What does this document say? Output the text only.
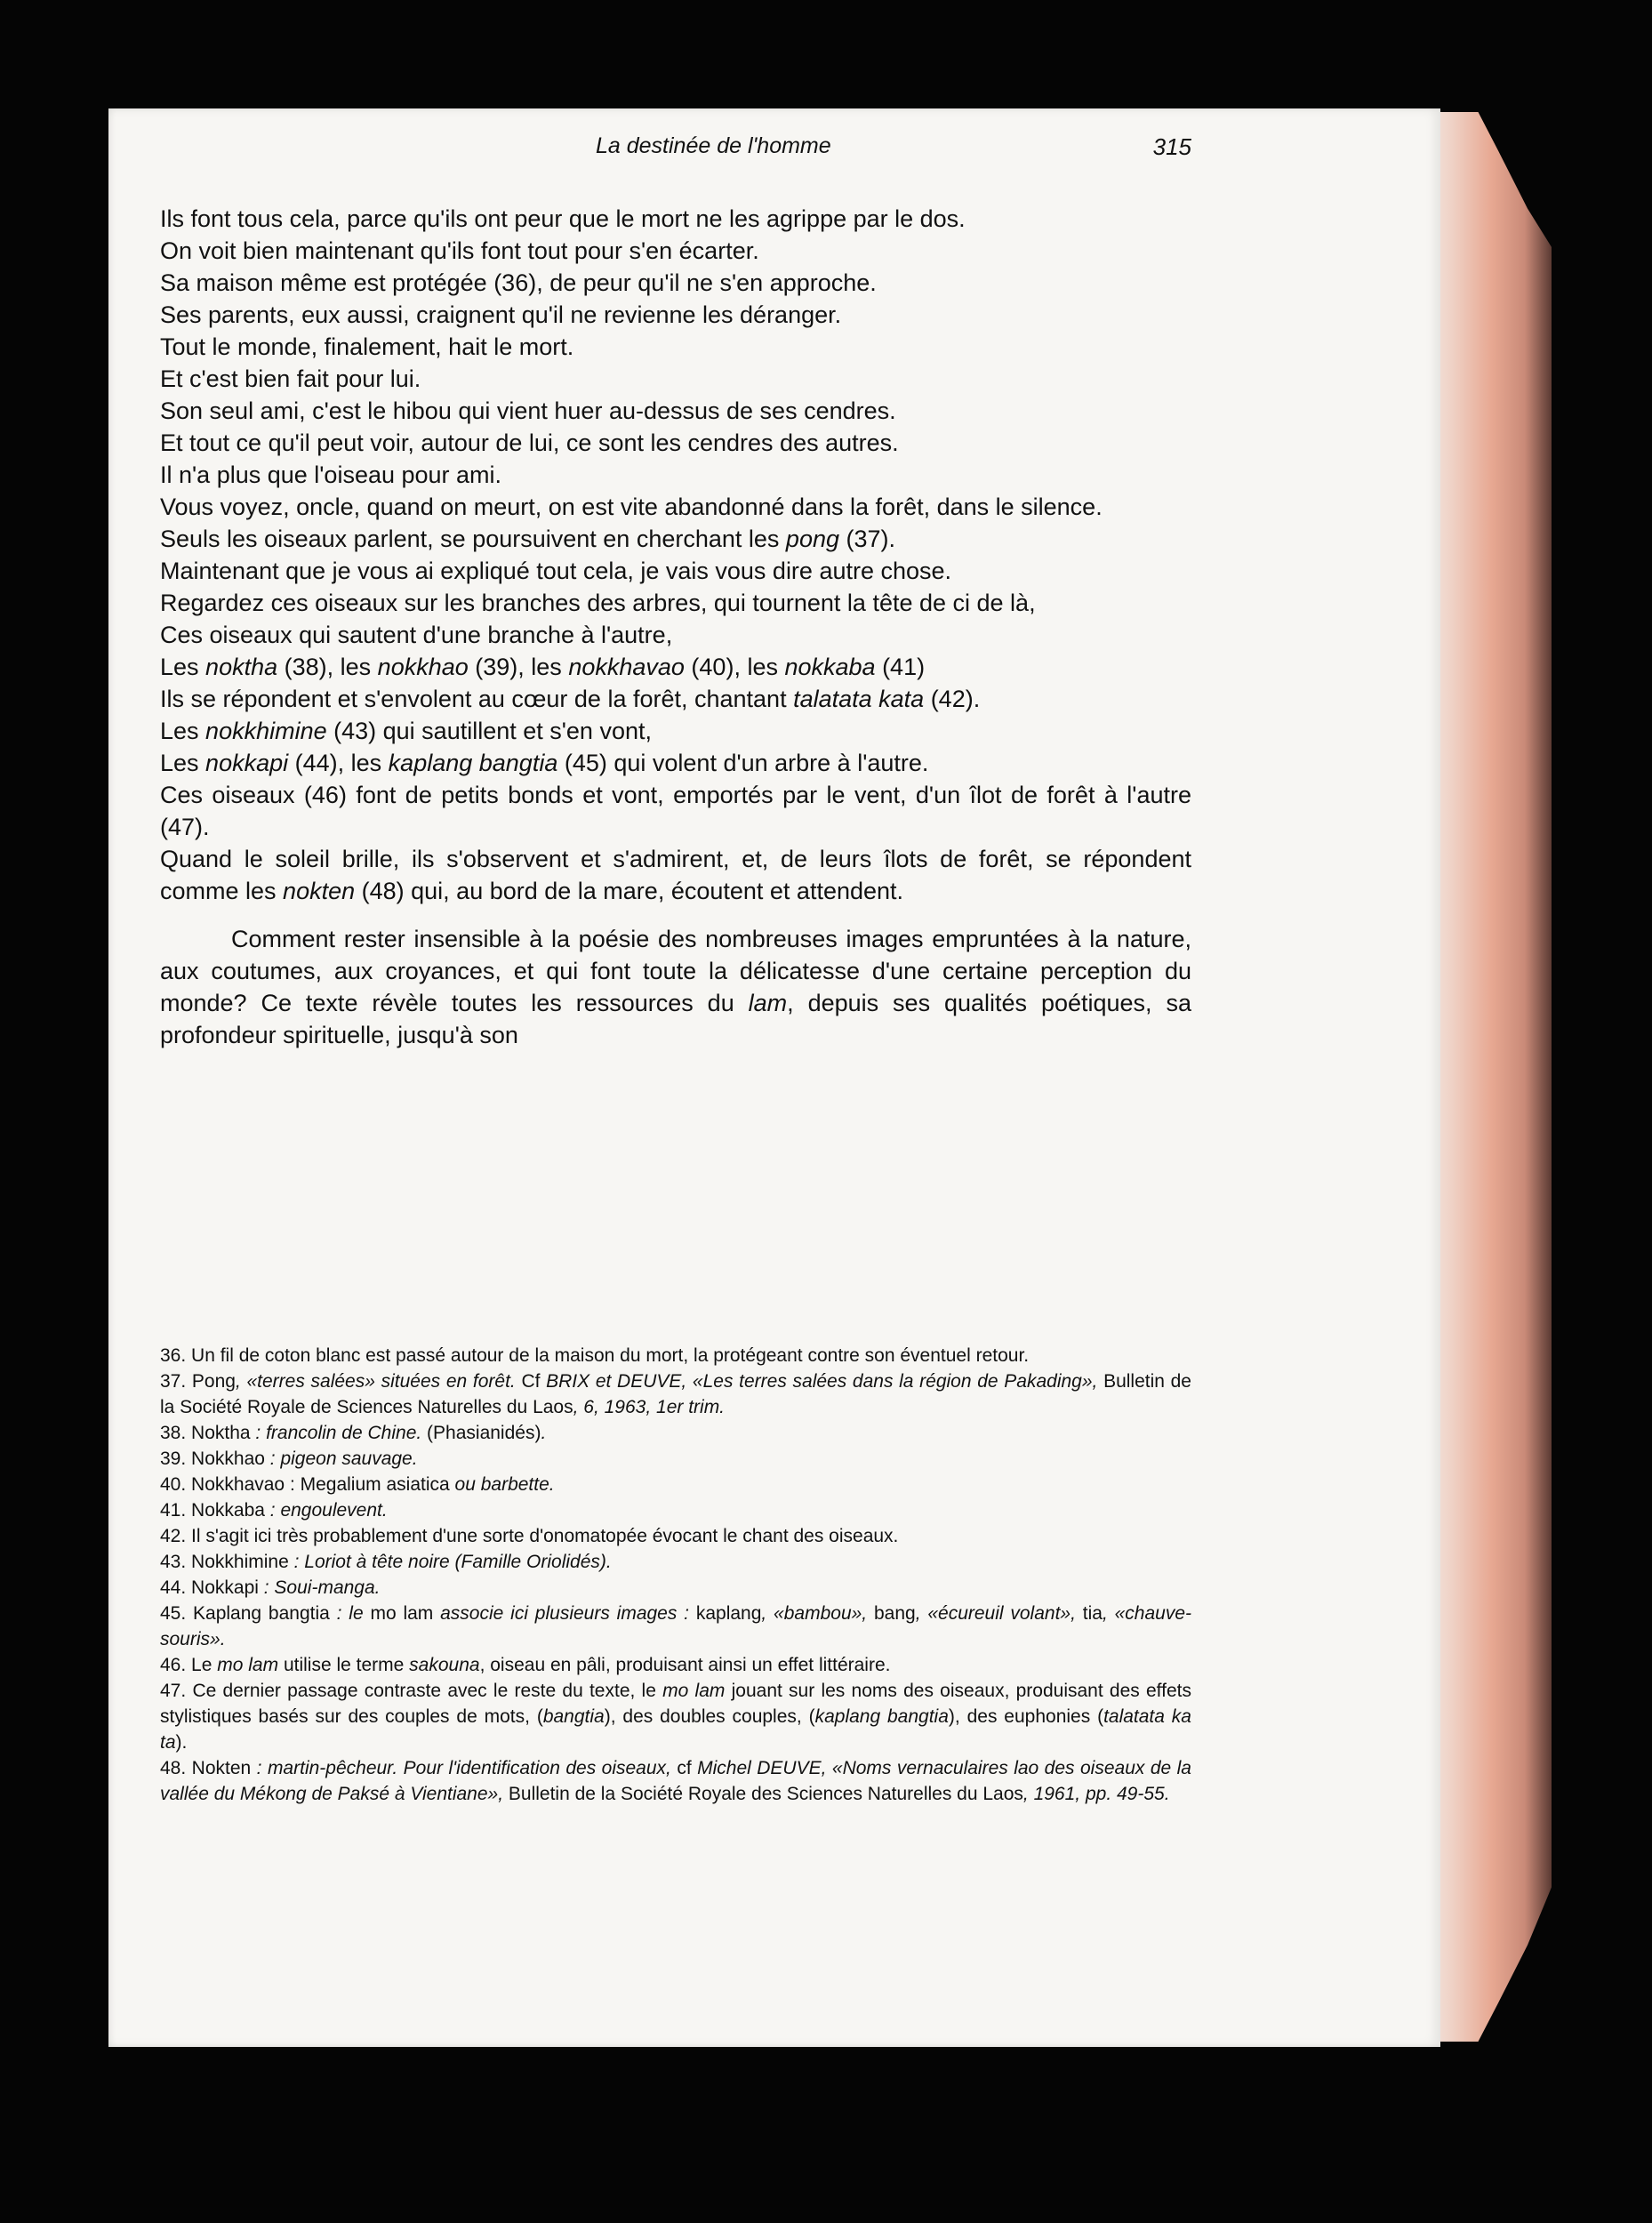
La destinée de l'homme	315
Ils font tous cela, parce qu'ils ont peur que le mort ne les agrippe par le dos.
On voit bien maintenant qu'ils font tout pour s'en écarter.
Sa maison même est protégée (36), de peur qu'il ne s'en approche.
Ses parents, eux aussi, craignent qu'il ne revienne les déranger.
Tout le monde, finalement, hait le mort.
Et c'est bien fait pour lui.
Son seul ami, c'est le hibou qui vient huer au-dessus de ses cendres.
Et tout ce qu'il peut voir, autour de lui, ce sont les cendres des autres.
Il n'a plus que l'oiseau pour ami.
Vous voyez, oncle, quand on meurt, on est vite abandonné dans la forêt, dans le silence.
Seuls les oiseaux parlent, se poursuivent en cherchant les pong (37).
Maintenant que je vous ai expliqué tout cela, je vais vous dire autre chose.
Regardez ces oiseaux sur les branches des arbres, qui tournent la tête de ci de là,
Ces oiseaux qui sautent d'une branche à l'autre,
Les noktha (38), les nokkhao (39), les nokkhavao (40), les nokkaba (41)
Ils se répondent et s'envolent au cœur de la forêt, chantant talatata kata (42).
Les nokkhimine (43) qui sautillent et s'en vont,
Les nokkapi (44), les kaplang bangtia (45) qui volent d'un arbre à l'autre.
Ces oiseaux (46) font de petits bonds et vont, emportés par le vent, d'un îlot de forêt à l'autre (47).
Quand le soleil brille, ils s'observent et s'admirent, et, de leurs îlots de forêt, se répondent comme les nokten (48) qui, au bord de la mare, écoutent et attendent.

Comment rester insensible à la poésie des nombreuses images empruntées à la nature, aux coutumes, aux croyances, et qui font toute la délicatesse d'une certaine perception du monde? Ce texte révèle toutes les ressources du lam, depuis ses qualités poétiques, sa profondeur spirituelle, jusqu'à son

36. Un fil de coton blanc est passé autour de la maison du mort, la protégeant contre son éventuel retour.

37. Pong, «terres salées» situées en forêt. Cf BRIX et DEUVE, «Les terres salées dans la région de Pakading», Bulletin de la Société Royale de Sciences Naturelles du Laos, 6, 1963, 1er trim.

38. Noktha : francolin de Chine. (Phasianidés).

39. Nokkhao : pigeon sauvage.

40. Nokkhavao : Megalium asiatica ou barbette.

41. Nokkaba : engoulevent.

42. Il s'agit ici très probablement d'une sorte d'onomatopée évocant le chant des oiseaux.

43. Nokkhimine : Loriot à tête noire (Famille Oriolidés).

44. Nokkapi : Soui-manga.

45. Kaplang bangtia : le mo lam associe ici plusieurs images : kaplang, «bambou», bang, «écureuil volant», tia, «chauve-souris».

46. Le mo lam utilise le terme sakouna, oiseau en pâli, produisant ainsi un effet littéraire.

47. Ce dernier passage contraste avec le reste du texte, le mo lam jouant sur les noms des oiseaux, produisant des effets stylistiques basés sur des couples de mots, (bangtia), des doubles couples, (kaplang bangtia), des euphonies (talatata ka ta).

48. Nokten : martin-pêcheur. Pour l'identification des oiseaux, cf Michel DEUVE, «Noms vernaculaires lao des oiseaux de la vallée du Mékong de Paksé à Vientiane», Bulletin de la Société Royale des Sciences Naturelles du Laos, 1961, pp. 49-55.
